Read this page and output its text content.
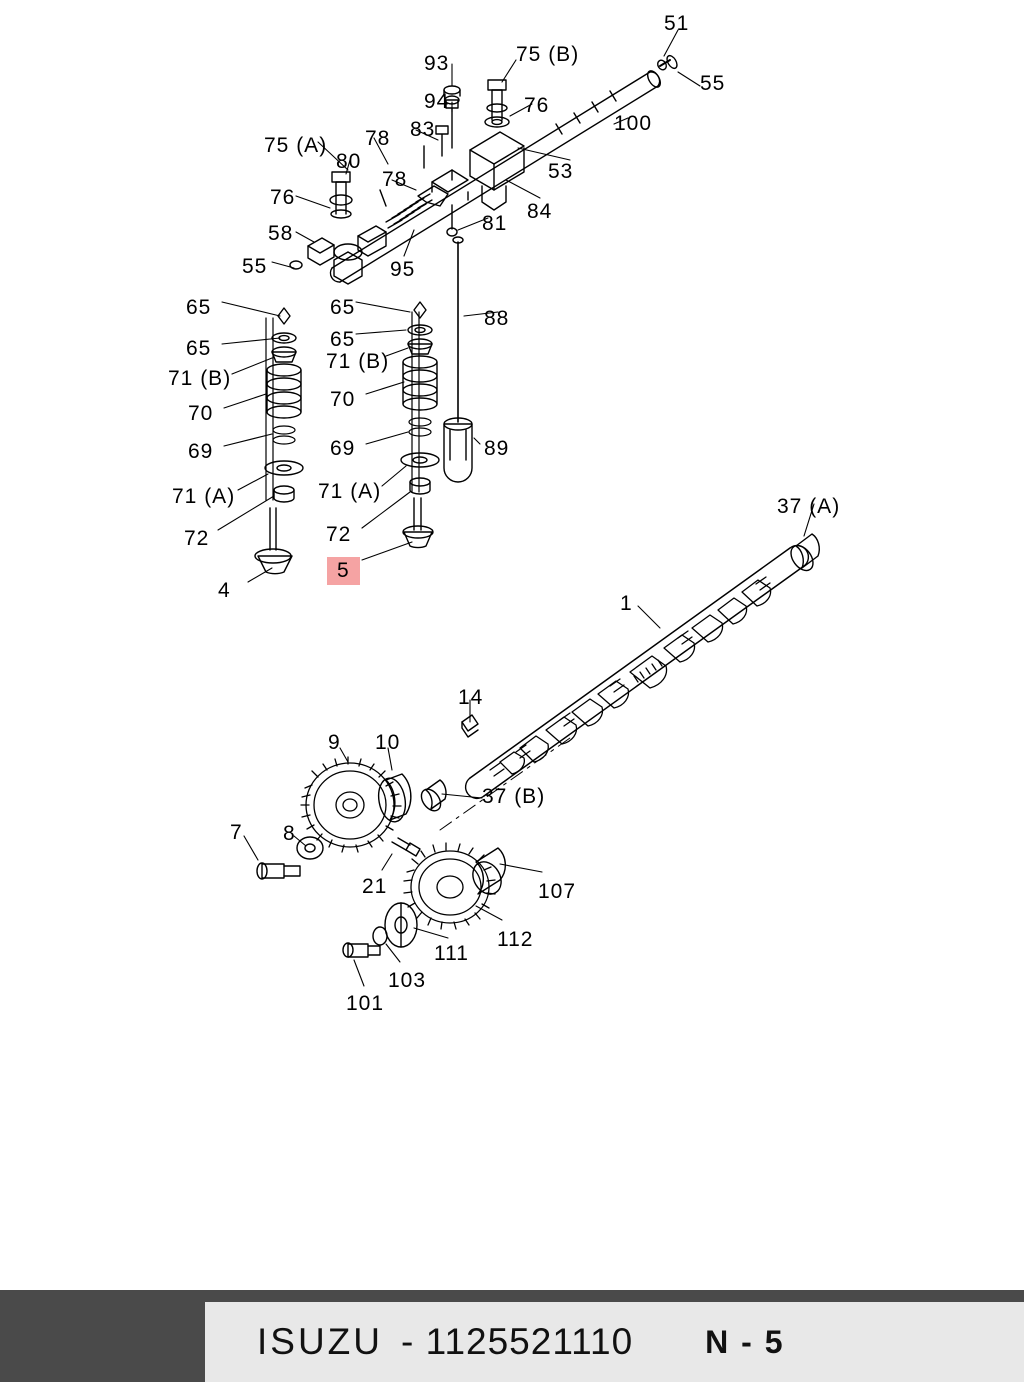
51
93	75 (B)
55
94	76
100
75 (A) 78 83
80	53
76
78
84
58	81
55	95
65	65	88
65	65
71 (B)
71 (B)
70
70
69	69	89
71 (A)	71 (A)
72	72
37 (A)
4
1
14
9 10
37 (B)
8
7
21	107
112
111
103
101
5
ISUZU - 1125521110 N - 5
